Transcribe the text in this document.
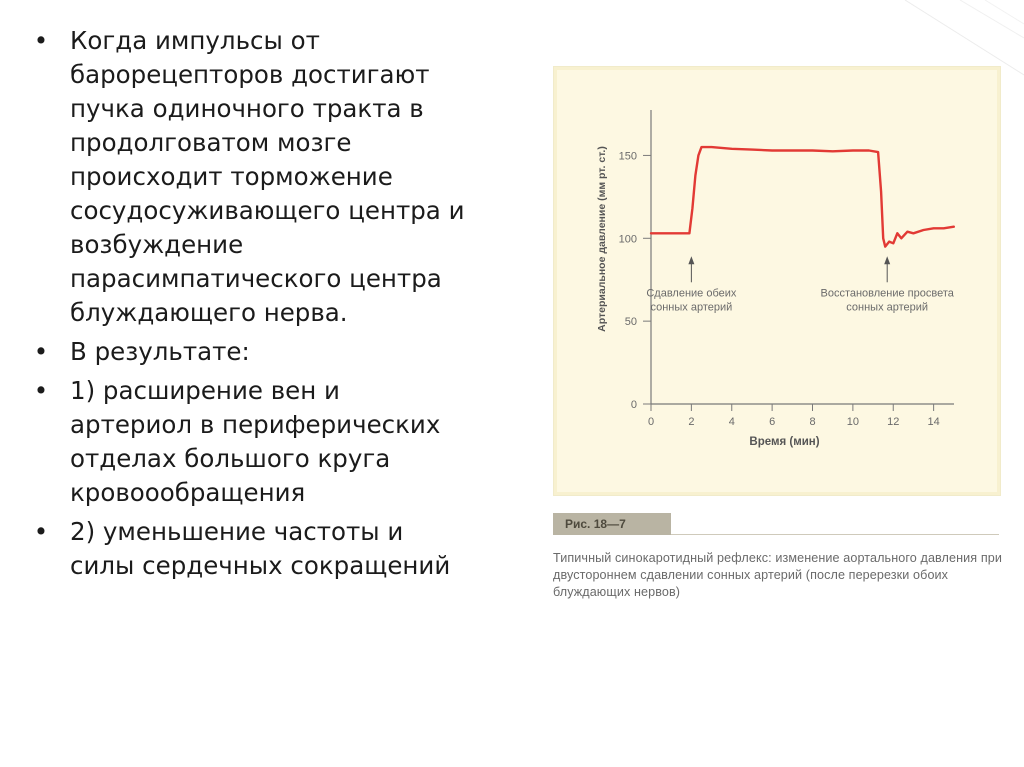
• Когда импульсы от
барорецепторов достигают
пучка одиночного тракта в
продолговатом мозге
происходит торможение
сосудосуживающего центра и
возбуждение
парасимпатического центра
блуждающего нерва.
• В результате:
• 1) расширение вен и
артериол в периферических
отделах большого круга
кровоообращения
• 2) уменьшение частоты и
силы сердечных сокращений
0
50
100
150
0	2	4	6	8	10	12	14
Время (мин)
Артериальное давление (мм рт. ст.)	Сдавление обеих сонных артерий
Восстановление просвета сонных артерий
Рис. 18—7
Типичный синокаротидный рефлекс: изменение аортального давления при двустороннем сдавлении сонных артерий (после перерезки обоих блуждающих нервов)
